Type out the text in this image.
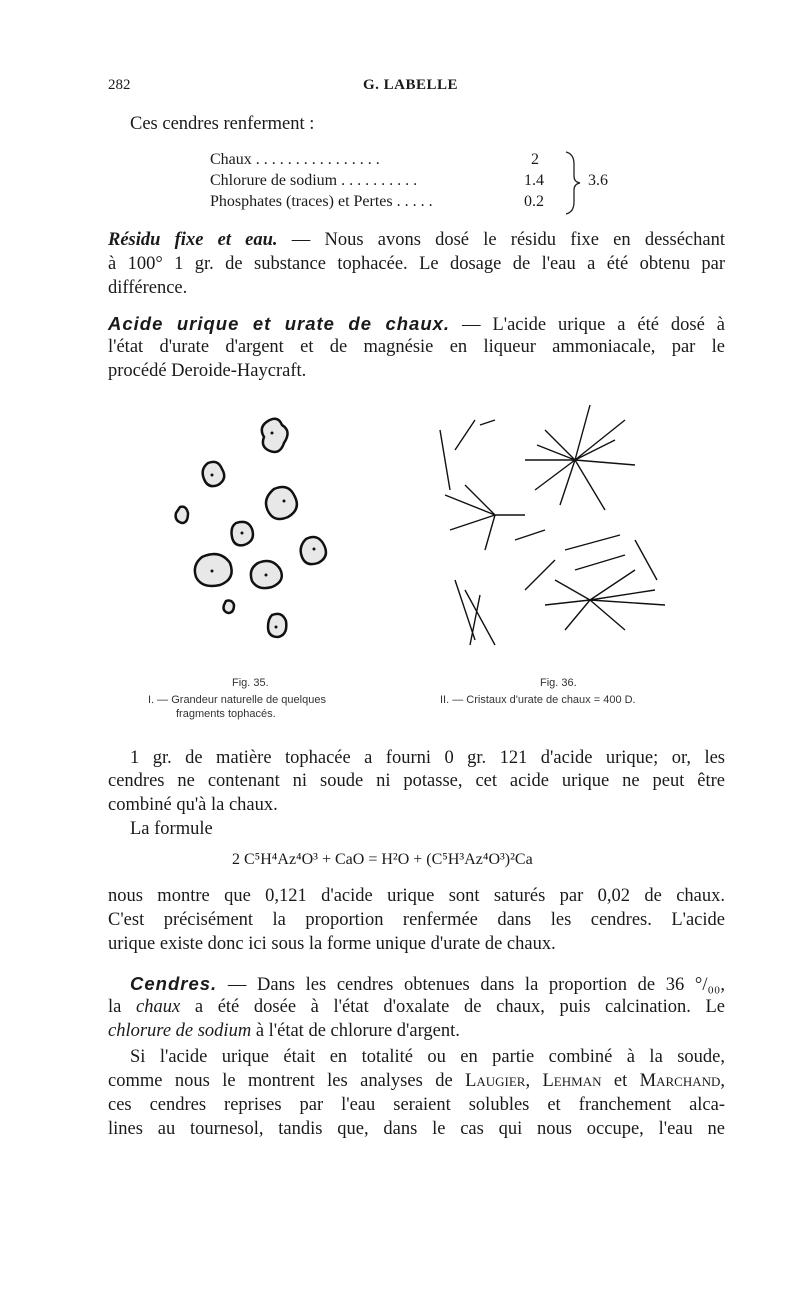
282	G. LABELLE
Ces cendres renferment :
Chaux . . . . . . . . . . . . . . . .	2
Chlorure de sodium . . . . . . . . . .	1.4
Phosphates (traces) et Pertes . . . . .	0.2
3.6
Résidu fixe et eau. — Nous avons dosé le résidu fixe en desséchant
à 100° 1 gr. de substance tophacée. Le dosage de l'eau a été obtenu par
différence.
Acide urique et urate de chaux. — L'acide urique a été dosé à
l'état d'urate d'argent et de magnésie en liqueur ammoniacale, par le
procédé Deroide-Haycraft.
Fig. 35.
I. — Grandeur naturelle de quelques
fragments tophacés.
Fig. 36.
II. — Cristaux d'urate de chaux = 400 D.
1 gr. de matière tophacée a fourni 0 gr. 121 d'acide urique; or, les
cendres ne contenant ni soude ni potasse, cet acide urique ne peut être
combiné qu'à la chaux.
La formule
2 C⁵H⁴Az⁴O³ + CaO = H²O + (C⁵H³Az⁴O³)²Ca
nous montre que 0,121 d'acide urique sont saturés par 0,02 de chaux.
C'est précisément la proportion renfermée dans les cendres. L'acide
urique existe donc ici sous la forme unique d'urate de chaux.
Cendres. — Dans les cendres obtenues dans la proportion de 36 °/₀₀,
la chaux a été dosée à l'état d'oxalate de chaux, puis calcination. Le
chlorure de sodium à l'état de chlorure d'argent.
Si l'acide urique était en totalité ou en partie combiné à la soude,
comme nous le montrent les analyses de Laugier, Lehman et Marchand,
ces cendres reprises par l'eau seraient solubles et franchement alca-
lines au tournesol, tandis que, dans le cas qui nous occupe, l'eau ne
